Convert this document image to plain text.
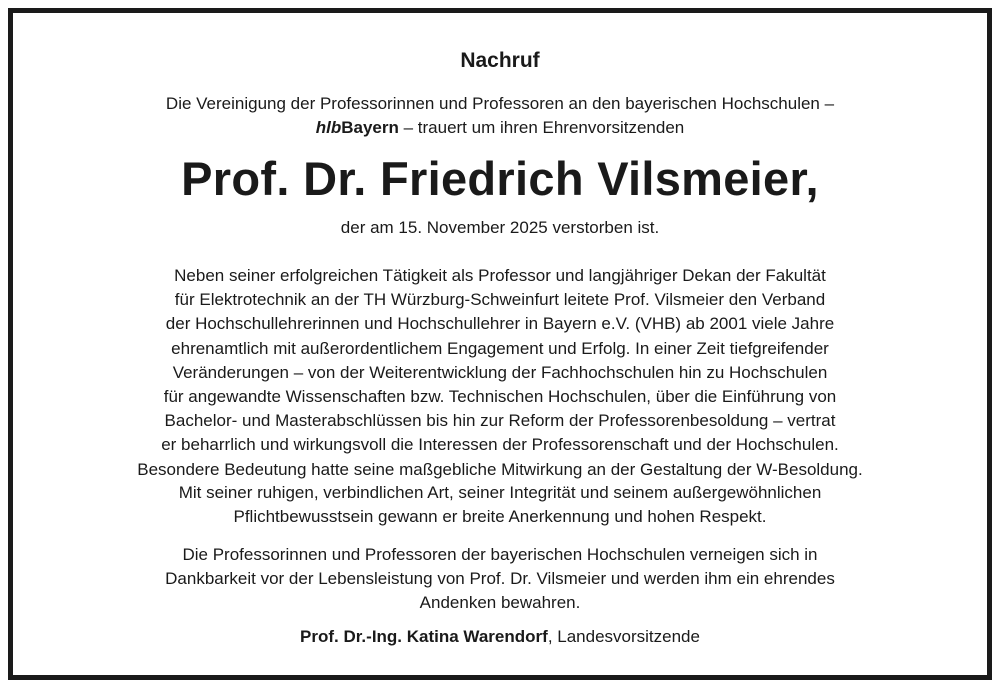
Nachruf
Die Vereinigung der Professorinnen und Professoren an den bayerischen Hochschulen –
hlbBayern – trauert um ihren Ehrenvorsitzenden
Prof. Dr. Friedrich Vilsmeier,
der am 15. November 2025 verstorben ist.
Neben seiner erfolgreichen Tätigkeit als Professor und langjähriger Dekan der Fakultät
für Elektrotechnik an der TH Würzburg-Schweinfurt leitete Prof. Vilsmeier den Verband
der Hochschullehrerinnen und Hochschullehrer in Bayern e.V. (VHB) ab 2001 viele Jahre
ehrenamtlich mit außerordentlichem Engagement und Erfolg. In einer Zeit tiefgreifender
Veränderungen – von der Weiterentwicklung der Fachhochschulen hin zu Hochschulen
für angewandte Wissenschaften bzw. Technischen Hochschulen, über die Einführung von
Bachelor- und Masterabschlüssen bis hin zur Reform der Professorenbesoldung – vertrat
er beharrlich und wirkungsvoll die Interessen der Professorenschaft und der Hochschulen.
Besondere Bedeutung hatte seine maßgebliche Mitwirkung an der Gestaltung der W-Besoldung.
Mit seiner ruhigen, verbindlichen Art, seiner Integrität und seinem außergewöhnlichen
Pflichtbewusstsein gewann er breite Anerkennung und hohen Respekt.
Die Professorinnen und Professoren der bayerischen Hochschulen verneigen sich in
Dankbarkeit vor der Lebensleistung von Prof. Dr. Vilsmeier und werden ihm ein ehrendes
Andenken bewahren.
Prof. Dr.-Ing. Katina Warendorf, Landesvorsitzende
